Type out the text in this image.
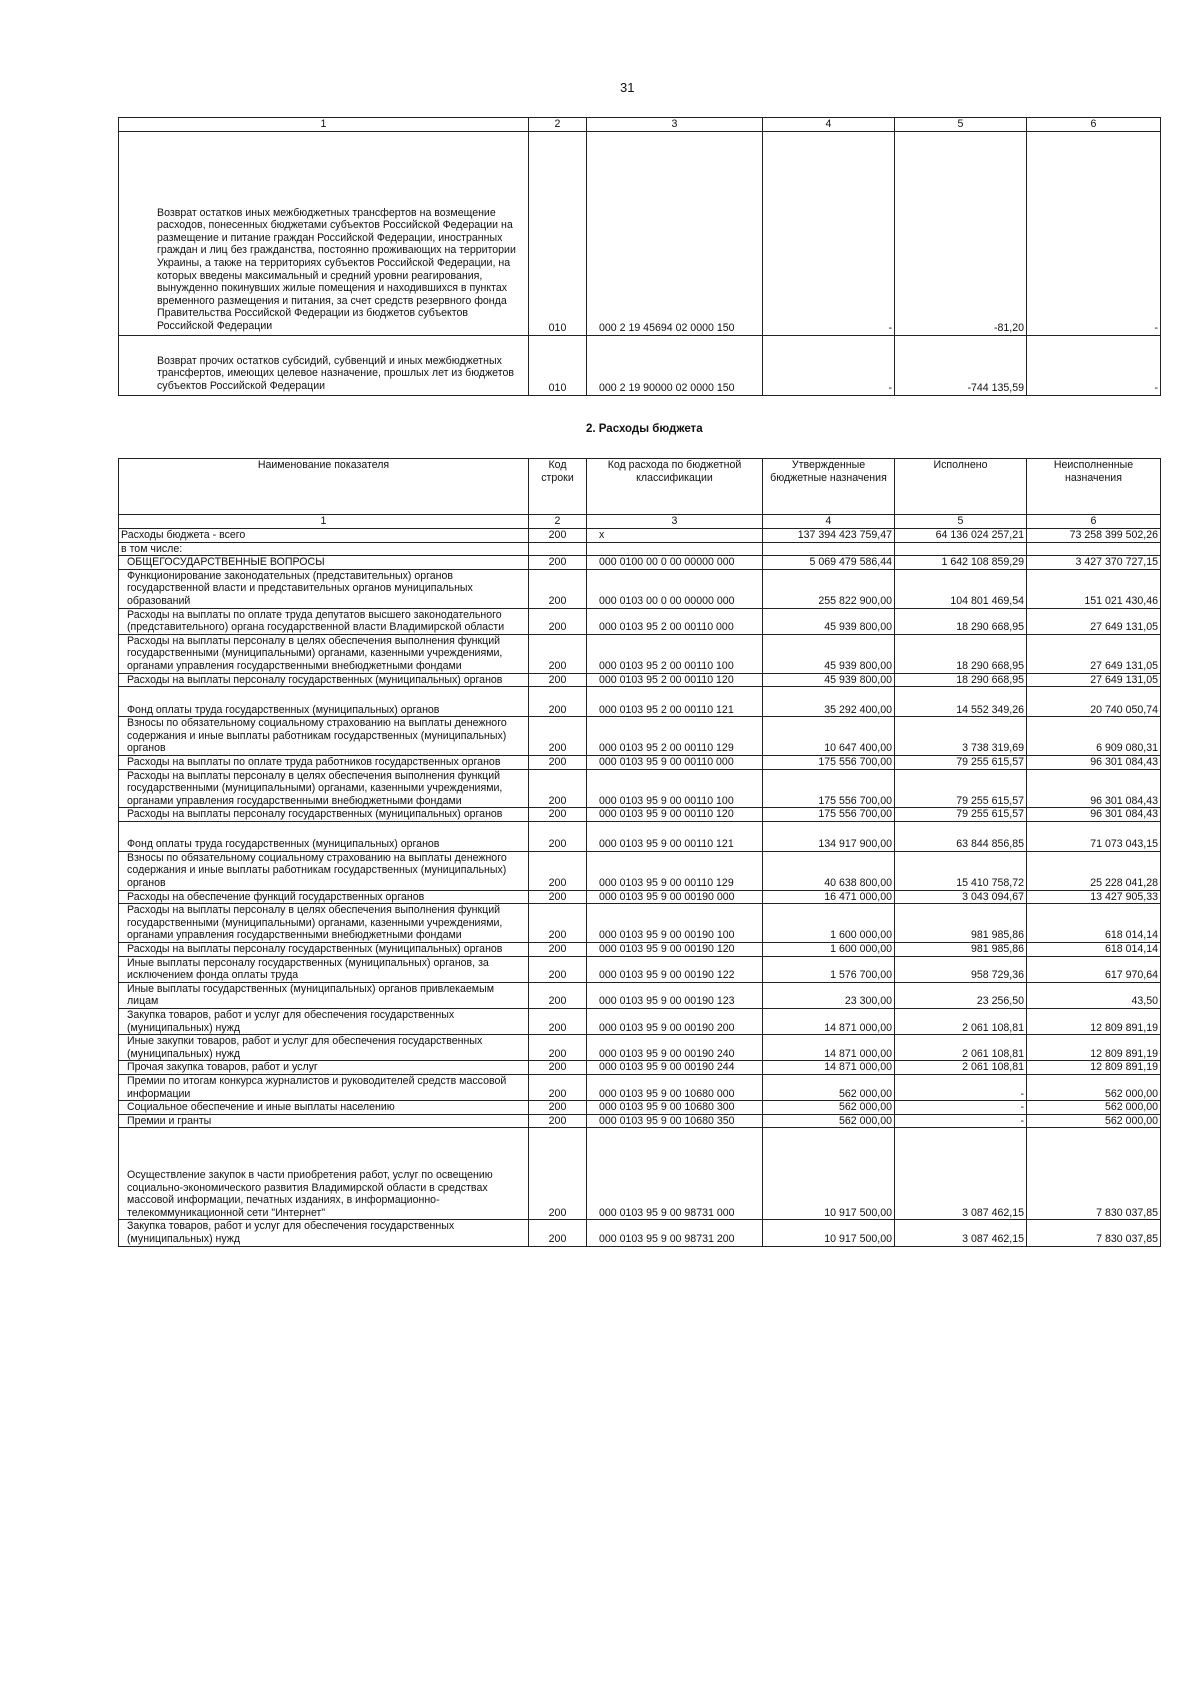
31
1	2	3	4	5	6
Возврат остатков иных межбюджетных трансфертов на возмещение расходов, понесенных бюджетами субъектов Российской Федерации на размещение и питание граждан Российской Федерации, иностранных граждан и лиц без гражданства, постоянно проживающих на территории Украины, а также на территориях субъектов Российской Федерации, на которых введены максимальный и средний уровни реагирования, вынужденно покинувших жилые помещения и находившихся в пунктах временного размещения и питания, за счет средств резервного фонда Правительства Российской Федерации из бюджетов субъектов Российской Федерации	010	000 2 19 45694 02 0000 150	-	-81,20	-
Возврат прочих остатков субсидий, субвенций и иных межбюджетных трансфертов, имеющих целевое назначение, прошлых лет из бюджетов субъектов Российской Федерации	010	000 2 19 90000 02 0000 150	-	-744 135,59	-
2. Расходы бюджета
Наименование показателя	Код строки	Код расхода по бюджетной классификации	Утвержденные бюджетные назначения	Исполнено	Неисполненные назначения
1	2	3	4	5	6
Расходы бюджета - всего	200	x	137 394 423 759,47	64 136 024 257,21	73 258 399 502,26
в том числе:					
ОБЩЕГОСУДАРСТВЕННЫЕ ВОПРОСЫ	200	000 0100 00 0 00 00000 000	5 069 479 586,44	1 642 108 859,29	3 427 370 727,15
Функционирование законодательных (представительных) органов государственной власти и представительных органов муниципальных образований	200	000 0103 00 0 00 00000 000	255 822 900,00	104 801 469,54	151 021 430,46
Расходы на выплаты по оплате труда депутатов высшего законодательного (представительного) органа государственной власти Владимирской области	200	000 0103 95 2 00 00110 000	45 939 800,00	18 290 668,95	27 649 131,05
Расходы на выплаты персоналу в целях обеспечения выполнения функций государственными (муниципальными) органами, казенными учреждениями, органами управления государственными внебюджетными фондами	200	000 0103 95 2 00 00110 100	45 939 800,00	18 290 668,95	27 649 131,05
Расходы на выплаты персоналу государственных (муниципальных) органов	200	000 0103 95 2 00 00110 120	45 939 800,00	18 290 668,95	27 649 131,05
Фонд оплаты труда государственных (муниципальных) органов	200	000 0103 95 2 00 00110 121	35 292 400,00	14 552 349,26	20 740 050,74
Взносы по обязательному социальному страхованию на выплаты денежного содержания и иные выплаты работникам государственных (муниципальных) органов	200	000 0103 95 2 00 00110 129	10 647 400,00	3 738 319,69	6 909 080,31
Расходы на выплаты по оплате труда работников государственных органов	200	000 0103 95 9 00 00110 000	175 556 700,00	79 255 615,57	96 301 084,43
Расходы на выплаты персоналу в целях обеспечения выполнения функций государственными (муниципальными) органами, казенными учреждениями, органами управления государственными внебюджетными фондами	200	000 0103 95 9 00 00110 100	175 556 700,00	79 255 615,57	96 301 084,43
Расходы на выплаты персоналу государственных (муниципальных) органов	200	000 0103 95 9 00 00110 120	175 556 700,00	79 255 615,57	96 301 084,43
Фонд оплаты труда государственных (муниципальных) органов	200	000 0103 95 9 00 00110 121	134 917 900,00	63 844 856,85	71 073 043,15
Взносы по обязательному социальному страхованию на выплаты денежного содержания и иные выплаты работникам государственных (муниципальных) органов	200	000 0103 95 9 00 00110 129	40 638 800,00	15 410 758,72	25 228 041,28
Расходы на обеспечение функций государственных органов	200	000 0103 95 9 00 00190 000	16 471 000,00	3 043 094,67	13 427 905,33
Расходы на выплаты персоналу в целях обеспечения выполнения функций государственными (муниципальными) органами, казенными учреждениями, органами управления государственными внебюджетными фондами	200	000 0103 95 9 00 00190 100	1 600 000,00	981 985,86	618 014,14
Расходы на выплаты персоналу государственных (муниципальных) органов	200	000 0103 95 9 00 00190 120	1 600 000,00	981 985,86	618 014,14
Иные выплаты персоналу государственных (муниципальных) органов, за исключением фонда оплаты труда	200	000 0103 95 9 00 00190 122	1 576 700,00	958 729,36	617 970,64
Иные выплаты государственных (муниципальных) органов привлекаемым лицам	200	000 0103 95 9 00 00190 123	23 300,00	23 256,50	43,50
Закупка товаров, работ и услуг для обеспечения государственных (муниципальных) нужд	200	000 0103 95 9 00 00190 200	14 871 000,00	2 061 108,81	12 809 891,19
Иные закупки товаров, работ и услуг для обеспечения государственных (муниципальных) нужд	200	000 0103 95 9 00 00190 240	14 871 000,00	2 061 108,81	12 809 891,19
Прочая закупка товаров, работ и услуг	200	000 0103 95 9 00 00190 244	14 871 000,00	2 061 108,81	12 809 891,19
Премии по итогам конкурса журналистов и руководителей средств массовой информации	200	000 0103 95 9 00 10680 000	562 000,00	-	562 000,00
Социальное обеспечение и иные выплаты населению	200	000 0103 95 9 00 10680 300	562 000,00	-	562 000,00
Премии и гранты	200	000 0103 95 9 00 10680 350	562 000,00	-	562 000,00
Осуществление закупок в части приобретения работ, услуг по освещению социально-экономического развития Владимирской области в средствах массовой информации, печатных изданиях, в информационно-телекоммуникационной сети "Интернет"	200	000 0103 95 9 00 98731 000	10 917 500,00	3 087 462,15	7 830 037,85
Закупка товаров, работ и услуг для обеспечения государственных (муниципальных) нужд	200	000 0103 95 9 00 98731 200	10 917 500,00	3 087 462,15	7 830 037,85
